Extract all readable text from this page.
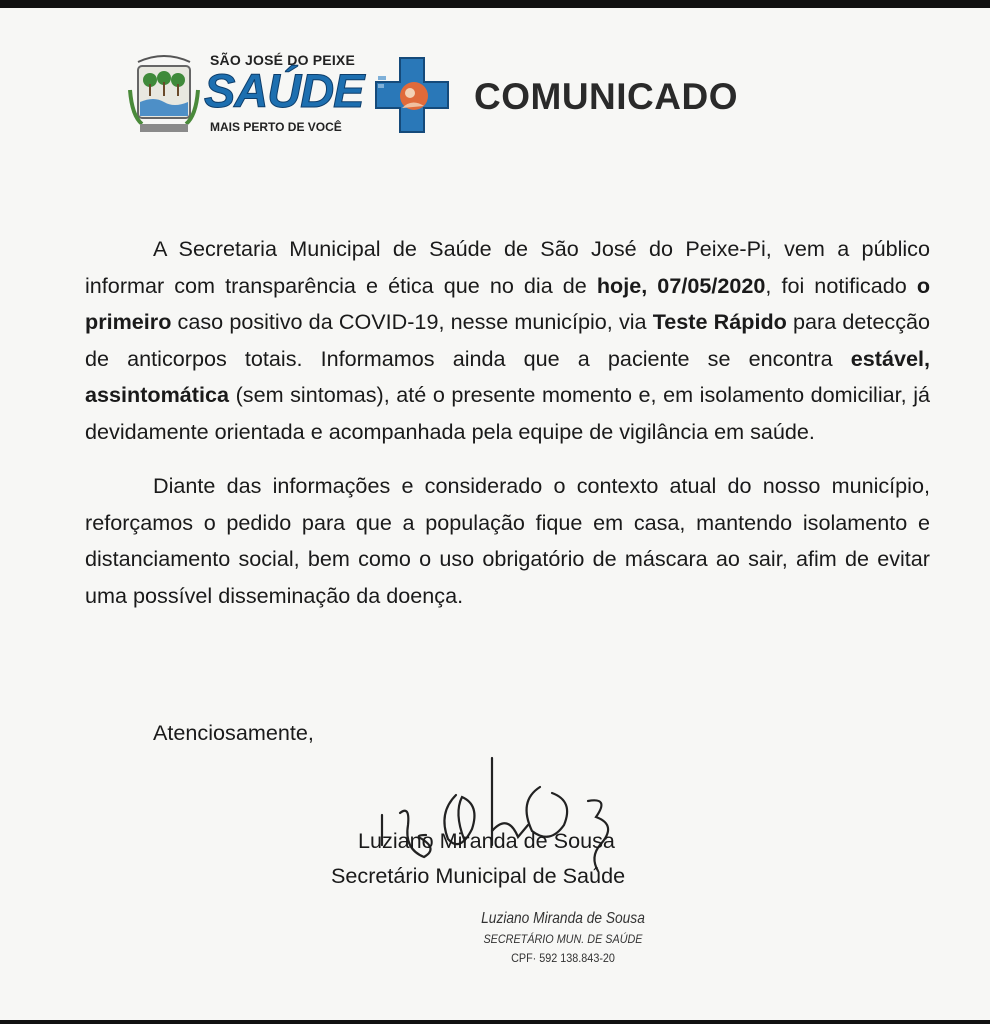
SÃO JOSÉ DO PEIXE
SAÚDE
MAIS PERTO DE VOCÊ
COMUNICADO

A Secretaria Municipal de Saúde de São José do Peixe-Pi, vem a público informar com transparência e ética que no dia de hoje, 07/05/2020, foi notificado o primeiro caso positivo da COVID-19, nesse município, via Teste Rápido para detecção de anticorpos totais. Informamos ainda que a paciente se encontra estável, assintomática (sem sintomas), até o presente momento e, em isolamento domiciliar, já devidamente orientada e acompanhada pela equipe de vigilância em saúde.

Diante das informações e considerado o contexto atual do nosso município, reforçamos o pedido para que a população fique em casa, mantendo isolamento e distanciamento social, bem como o uso obrigatório de máscara ao sair, afim de evitar uma possível disseminação da doença.

Atenciosamente,
Luziano Miranda de Sousa
Secretário Municipal de Saúde
Luziano Miranda de Sousa
SECRETÁRIO MUN. DE SAÚDE
CPF· 592 138.843-20
